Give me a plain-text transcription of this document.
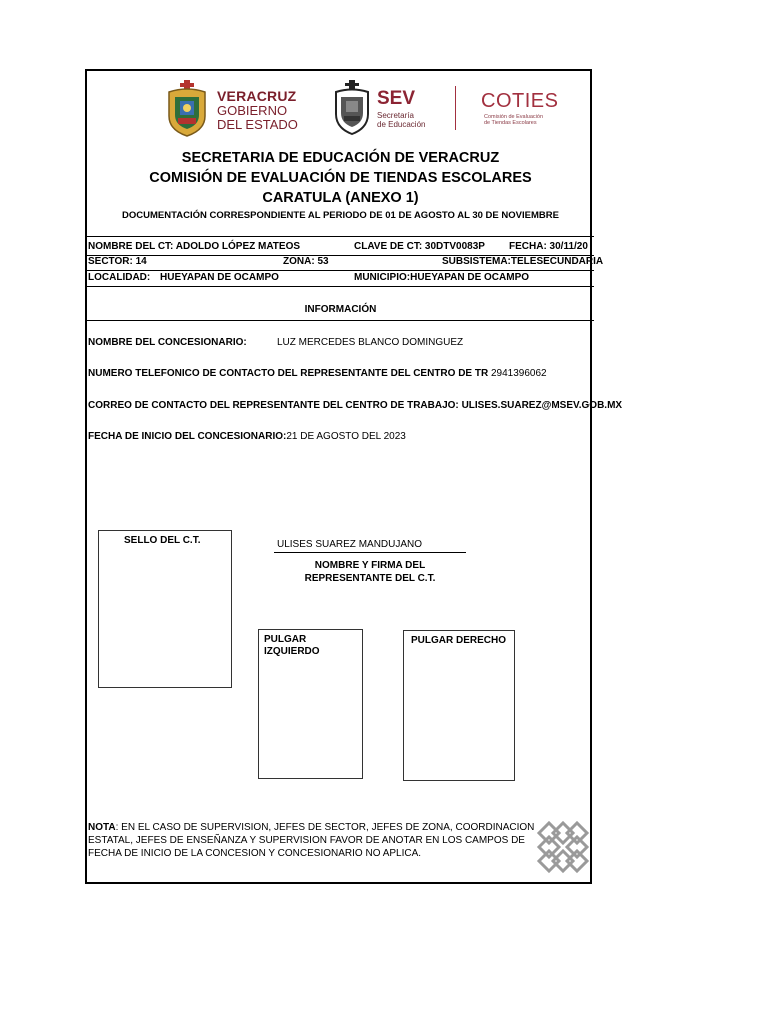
VERACRUZ
GOBIERNO
DEL ESTADO
SEV
Secretaría
de Educación
COTIES
Comisión de Evaluación
de Tiendas Escolares
SECRETARIA DE EDUCACIÓN DE VERACRUZ
COMISIÓN DE EVALUACIÓN DE TIENDAS ESCOLARES
CARATULA (ANEXO 1)
DOCUMENTACIÓN CORRESPONDIENTE AL PERIODO DE 01 DE AGOSTO AL 30 DE NOVIEMBRE
NOMBRE DEL CT: ADOLDO LÓPEZ MATEOS	CLAVE DE CT: 30DTV0083P FECHA: 30/11/20
SECTOR: 14	ZONA: 53	SUBSISTEMA:TELESECUNDARIA
LOCALIDAD: HUEYAPAN DE OCAMPO	MUNICIPIO:HUEYAPAN DE OCAMPO
INFORMACIÓN
NOMBRE DEL CONCESIONARIO:	LUZ MERCEDES BLANCO DOMINGUEZ
NUMERO TELEFONICO DE CONTACTO DEL REPRESENTANTE DEL CENTRO DE TR 2941396062
CORREO DE CONTACTO DEL REPRESENTANTE DEL CENTRO DE TRABAJO: ULISES.SUAREZ@MSEV.GOB.MX
FECHA DE INICIO DEL CONCESIONARIO:21 DE AGOSTO DEL 2023
SELLO DEL C.T.	ULISES SUAREZ MANDUJANO
NOMBRE Y FIRMA DEL
REPRESENTANTE DEL C.T.
PULGAR
IZQUIERDO
PULGAR DERECHO
NOTA: EN EL CASO DE SUPERVISION, JEFES DE SECTOR, JEFES DE ZONA, COORDINACION
ESTATAL, JEFES DE ENSEÑANZA Y SUPERVISION FAVOR DE ANOTAR EN LOS CAMPOS DE
FECHA DE INICIO DE LA CONCESION Y CONCESIONARIO NO APLICA.
